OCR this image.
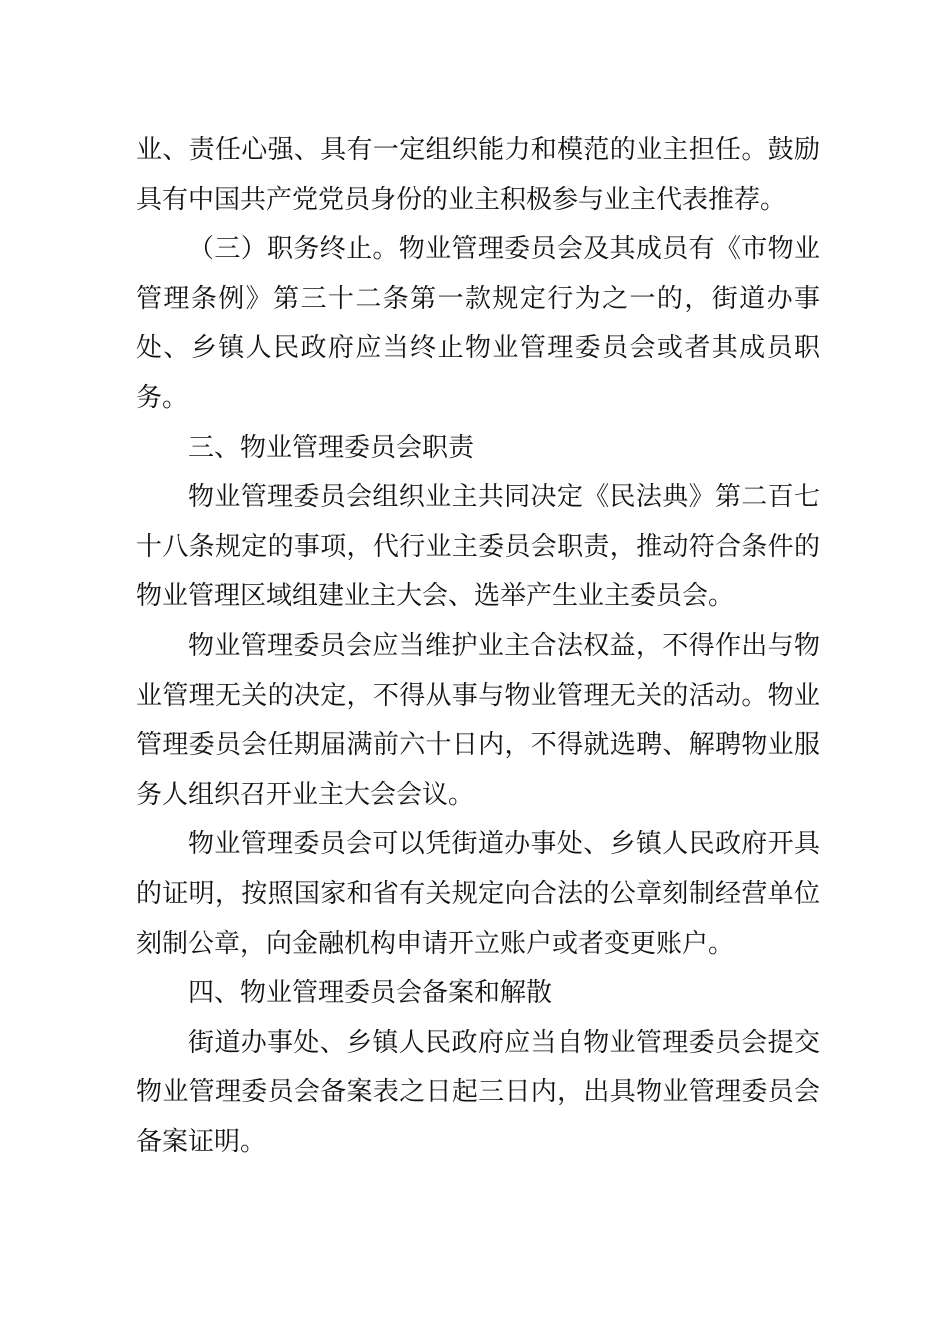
业、责任心强、具有一定组织能力和模范的业主担任。鼓励具有中国共产党党员身份的业主积极参与业主代表推荐。

（三）职务终止。物业管理委员会及其成员有《市物业管理条例》第三十二条第一款规定行为之一的，街道办事处、乡镇人民政府应当终止物业管理委员会或者其成员职务。

三、物业管理委员会职责

物业管理委员会组织业主共同决定《民法典》第二百七十八条规定的事项，代行业主委员会职责，推动符合条件的物业管理区域组建业主大会、选举产生业主委员会。

物业管理委员会应当维护业主合法权益，不得作出与物业管理无关的决定，不得从事与物业管理无关的活动。物业管理委员会任期届满前六十日内，不得就选聘、解聘物业服务人组织召开业主大会会议。

物业管理委员会可以凭街道办事处、乡镇人民政府开具的证明，按照国家和省有关规定向合法的公章刻制经营单位刻制公章，向金融机构申请开立账户或者变更账户。

四、物业管理委员会备案和解散

街道办事处、乡镇人民政府应当自物业管理委员会提交物业管理委员会备案表之日起三日内，出具物业管理委员会备案证明。
